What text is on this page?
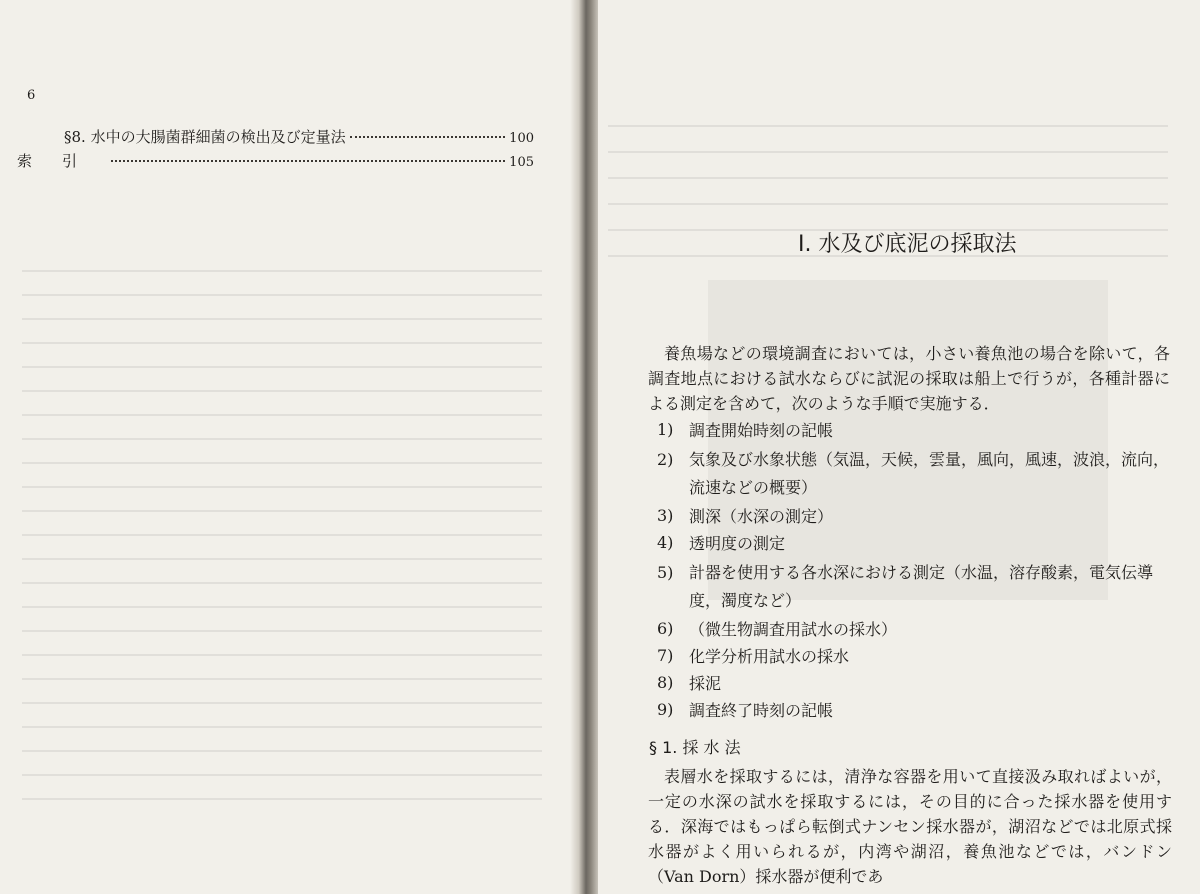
6
§8. 水中の大腸菌群細菌の検出及び定量法	100
索引	105
I. 水及び底泥の採取法
養魚場などの環境調査においては，小さい養魚池の場合を除いて，各調査地点における試水ならびに試泥の採取は船上で行うが，各種計器による測定を含めて，次のような手順で実施する．
1) 調査開始時刻の記帳
2) 気象及び水象状態（気温，天候，雲量，風向，風速，波浪，流向，流速などの概要）
3) 測深（水深の測定）
4) 透明度の測定
5) 計器を使用する各水深における測定（水温，溶存酸素，電気伝導度，濁度など）
6) （微生物調査用試水の採水）
7) 化学分析用試水の採水
8) 採泥
9) 調査終了時刻の記帳
§ 1. 採 水 法
表層水を採取するには，清浄な容器を用いて直接汲み取ればよいが，一定の水深の試水を採取するには，その目的に合った採水器を使用する．深海ではもっぱら転倒式ナンセン採水器が，湖沼などでは北原式採水器がよく用いられるが，内湾や湖沼，養魚池などでは，バンドン（Van Dorn）採水器が便利であ
